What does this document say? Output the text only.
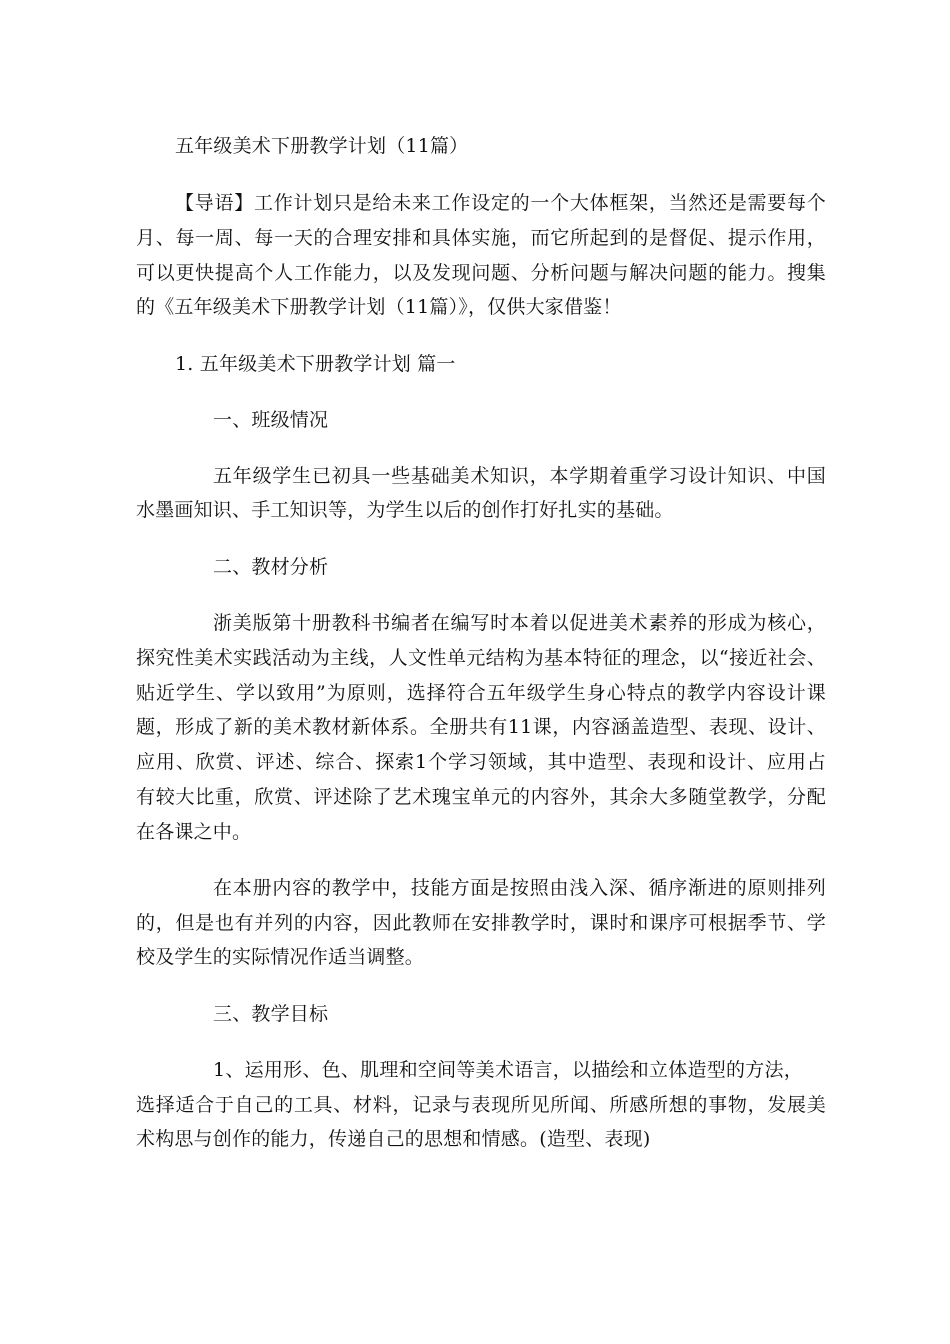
五年级美术下册教学计划（11篇）
【导语】工作计划只是给未来工作设定的一个大体框架，当然还是需要每个
月、每一周、每一天的合理安排和具体实施，而它所起到的是督促、提示作用，
可以更快提高个人工作能力，以及发现问题、分析问题与解决问题的能力。搜集
的《五年级美术下册教学计划（11篇）》，仅供大家借鉴！
1. 五年级美术下册教学计划 篇一
一、班级情况
五年级学生已初具一些基础美术知识，本学期着重学习设计知识、中国
水墨画知识、手工知识等，为学生以后的创作打好扎实的基础。
二、教材分析
浙美版第十册教科书编者在编写时本着以促进美术素养的形成为核心，
探究性美术实践活动为主线，人文性单元结构为基本特征的理念，以“接近社会、
贴近学生、学以致用”为原则，选择符合五年级学生身心特点的教学内容设计课
题，形成了新的美术教材新体系。全册共有11课，内容涵盖造型、表现、设计、
应用、欣赏、评述、综合、探索1个学习领域，其中造型、表现和设计、应用占
有较大比重，欣赏、评述除了艺术瑰宝单元的内容外，其余大多随堂教学，分配
在各课之中。
在本册内容的教学中，技能方面是按照由浅入深、循序渐进的原则排列
的，但是也有并列的内容，因此教师在安排教学时，课时和课序可根据季节、学
校及学生的实际情况作适当调整。
三、教学目标
1、运用形、色、肌理和空间等美术语言，以描绘和立体造型的方法，
选择适合于自己的工具、材料，记录与表现所见所闻、所感所想的事物，发展美
术构思与创作的能力，传递自己的思想和情感。(造型、表现)
